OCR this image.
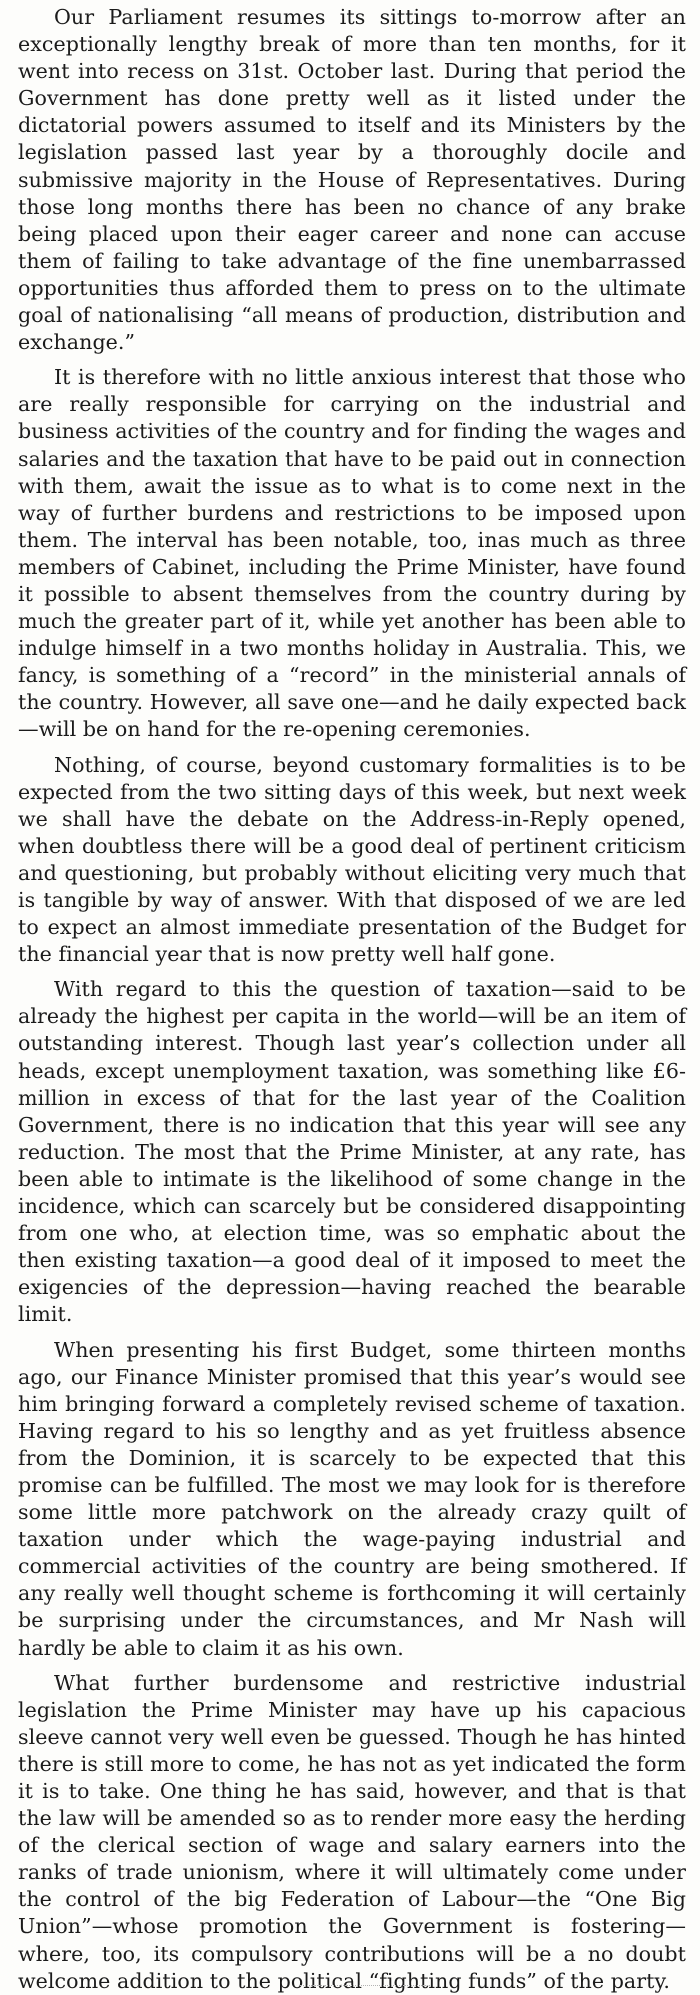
Our Parliament resumes its sittings to-morrow after an exceptionally lengthy break of more than ten months, for it went into recess on 31st. October last. During that period the Government has done pretty well as it listed under the dictatorial powers assumed to itself and its Ministers by the legislation passed last year by a thoroughly docile and submissive majority in the House of Representatives. During those long months there has been no chance of any brake being placed upon their eager career and none can accuse them of failing to take advantage of the fine unembarrassed opportunities thus afforded them to press on to the ultimate goal of nationalising “all means of production, distribution and exchange.”

It is therefore with no little anxious interest that those who are really responsible for carrying on the industrial and business activities of the country and for finding the wages and salaries and the taxation that have to be paid out in connection with them, await the issue as to what is to come next in the way of further burdens and restrictions to be imposed upon them. The interval has been notable, too, inas much as three members of Cabinet, including the Prime Minister, have found it possible to absent themselves from the country during by much the greater part of it, while yet another has been able to indulge himself in a two months holiday in Australia. This, we fancy, is something of a “record” in the ministerial annals of the country. However, all save one—and he daily expected back—will be on hand for the re-opening ceremonies.

Nothing, of course, beyond customary formalities is to be expected from the two sitting days of this week, but next week we shall have the debate on the Address-in-Reply opened, when doubtless there will be a good deal of pertinent criticism and questioning, but probably without eliciting very much that is tangible by way of answer. With that disposed of we are led to expect an almost immediate presentation of the Budget for the financial year that is now pretty well half gone.

With regard to this the question of taxation—said to be already the highest per capita in the world—will be an item of outstanding interest. Though last year’s collection under all heads, except unemployment taxation, was something like £6-million in excess of that for the last year of the Coalition Government, there is no indication that this year will see any reduction. The most that the Prime Minister, at any rate, has been able to intimate is the likelihood of some change in the incidence, which can scarcely but be considered disappointing from one who, at election time, was so emphatic about the then existing taxation—a good deal of it imposed to meet the exigencies of the depression—having reached the bearable limit.

When presenting his first Budget, some thirteen months ago, our Finance Minister promised that this year’s would see him bringing forward a completely revised scheme of taxation. Having regard to his so lengthy and as yet fruitless absence from the Dominion, it is scarcely to be expected that this promise can be fulfilled. The most we may look for is therefore some little more patchwork on the already crazy quilt of taxation under which the wage-paying industrial and commercial activities of the country are being smothered. If any really well thought scheme is forthcoming it will certainly be surprising under the circumstances, and Mr Nash will hardly be able to claim it as his own.

What further burdensome and restrictive industrial legislation the Prime Minister may have up his capacious sleeve cannot very well even be guessed. Though he has hinted there is still more to come, he has not as yet indicated the form it is to take. One thing he has said, however, and that is that the law will be amended so as to render more easy the herding of the clerical section of wage and salary earners into the ranks of trade unionism, where it will ultimately come under the control of the big Federation of Labour—the “One Big Union”—whose promotion the Government is fostering—where, too, its compulsory contributions will be a no doubt welcome addition to the political “fighting funds” of the party.
